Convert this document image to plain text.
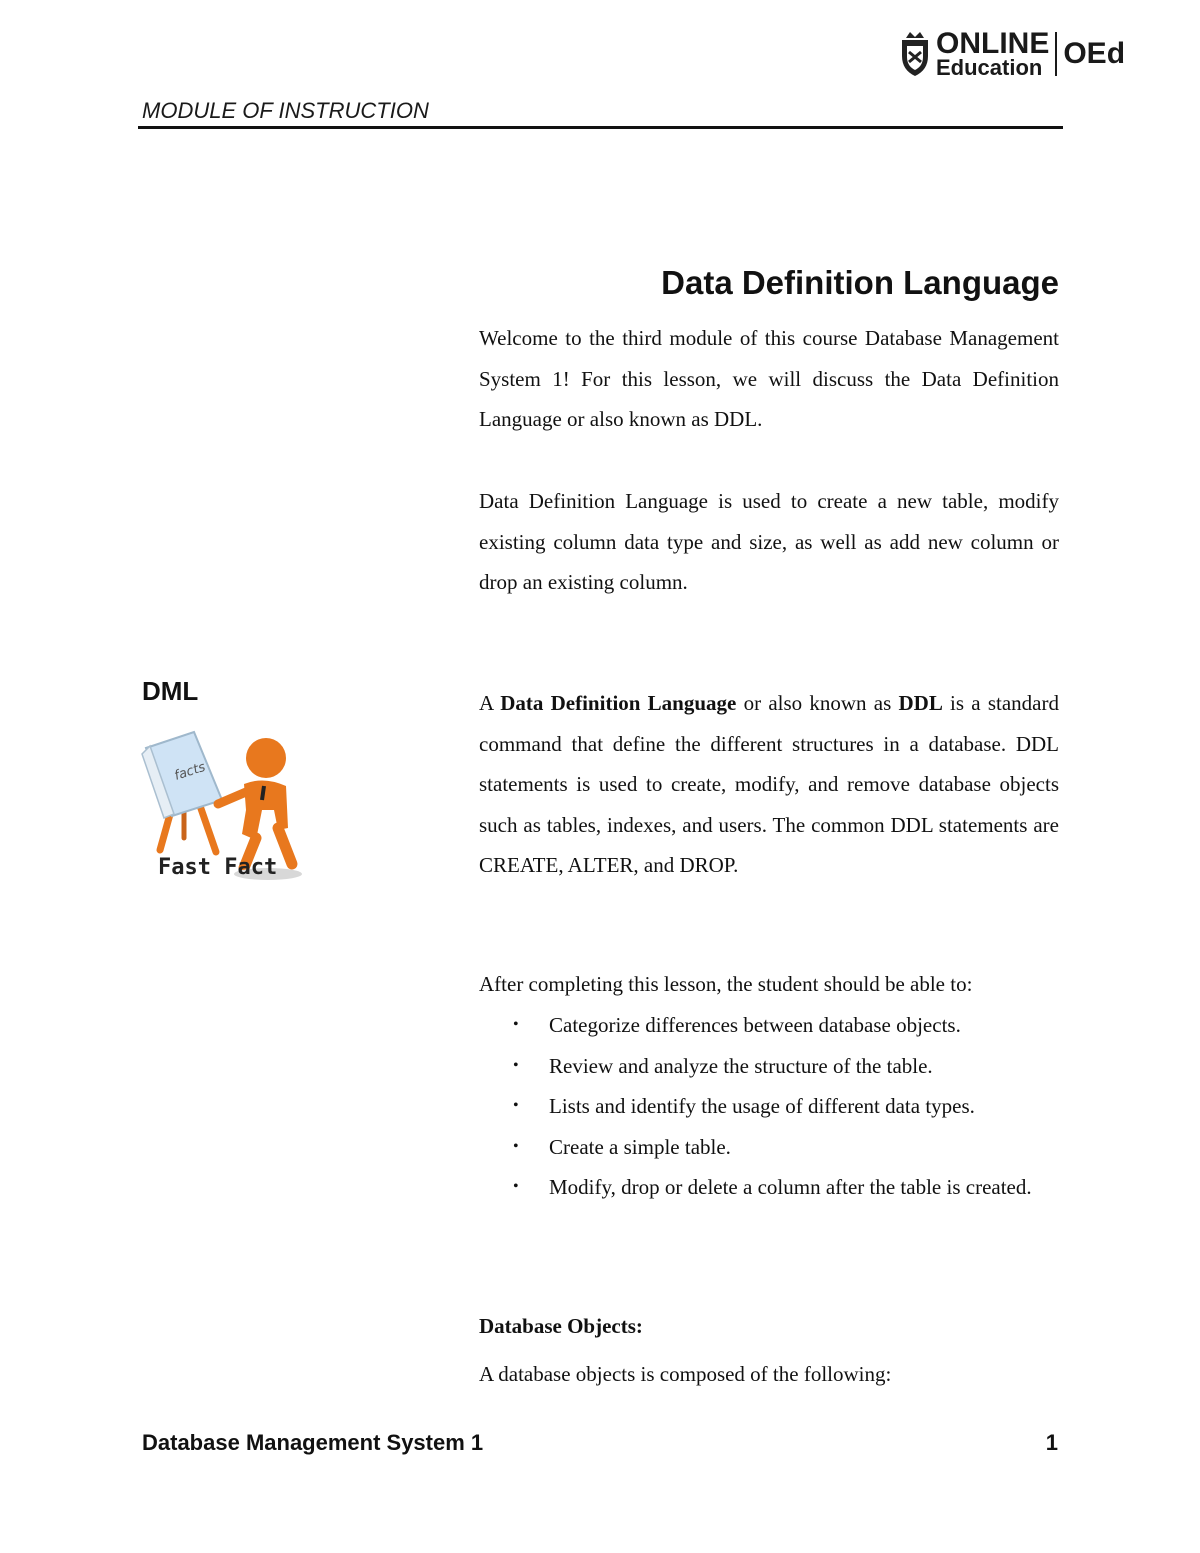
ONLINE
Education OEd
MODULE OF INSTRUCTION
Data Definition Language

Welcome to the third module of this course Database Management System 1! For this lesson, we will discuss the Data Definition Language or also known as DDL.

Data Definition Language is used to create a new table, modify existing column data type and size, as well as add new column or drop an existing column.

A Data Definition Language or also known as DDL is a standard command that define the different structures in a database. DDL statements is used to create, modify, and remove database objects such as tables, indexes, and users. The common DDL statements are CREATE, ALTER, and DROP.

After completing this lesson, the student should be able to:

DML
facts
Fast Fact
• Categorize differences between database objects.
• Review and analyze the structure of the table.
• Lists and identify the usage of different data types.
• Create a simple table.
• Modify, drop or delete a column after the table is created.
Database Objects:
A database objects is composed of the following:
Database Management System 1	1
